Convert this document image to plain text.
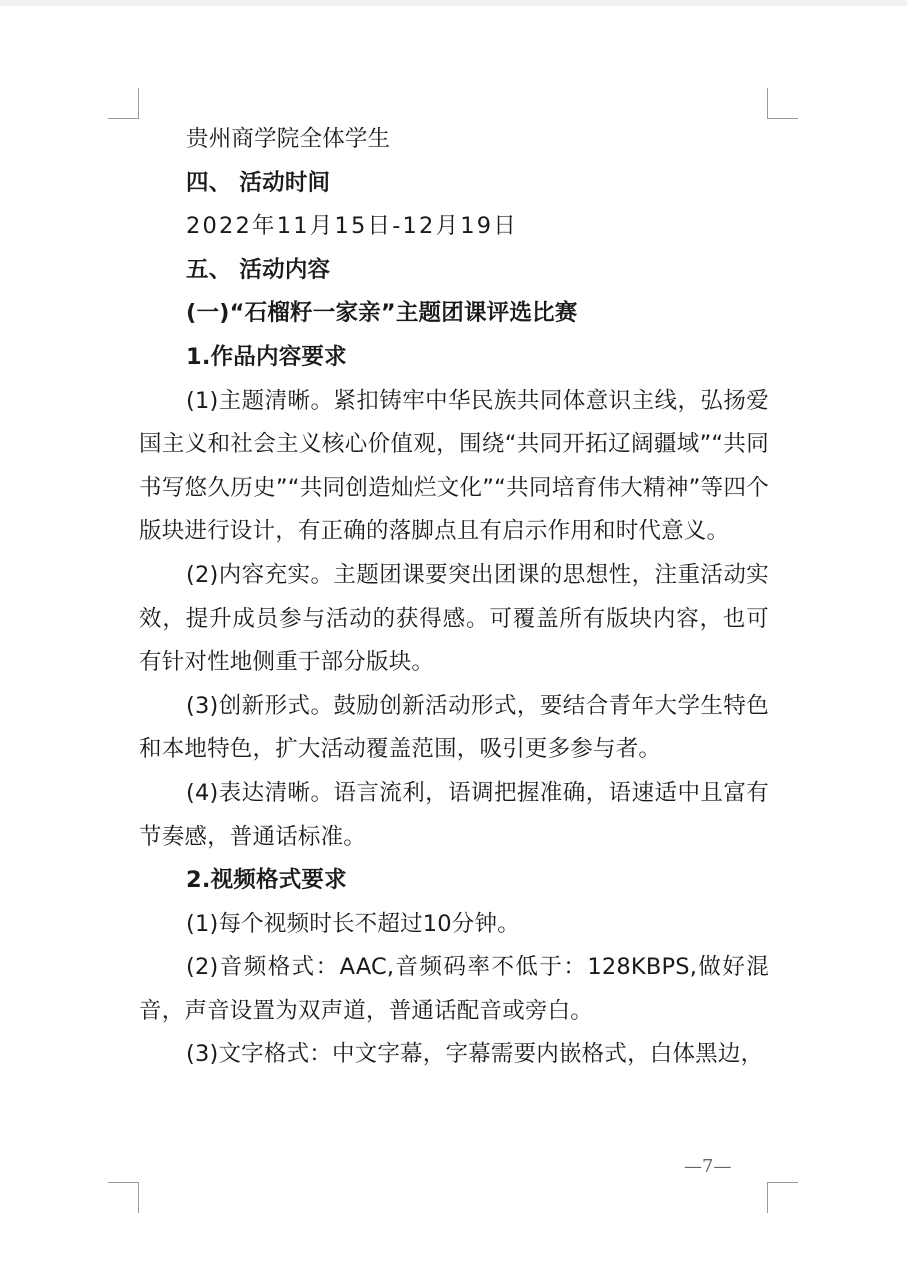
贵州商学院全体学生

四、 活动时间

2022年11月15日-12月19日

五、 活动内容

(一)“石榴籽一家亲”主题团课评选比赛

1.作品内容要求

(1)主题清晰。紧扣铸牢中华民族共同体意识主线，弘扬爱国主义和社会主义核心价值观，围绕“共同开拓辽阔疆域”“共同书写悠久历史”“共同创造灿烂文化”“共同培育伟大精神”等四个版块进行设计，有正确的落脚点且有启示作用和时代意义。

(2)内容充实。主题团课要突出团课的思想性，注重活动实效，提升成员参与活动的获得感。可覆盖所有版块内容，也可有针对性地侧重于部分版块。

(3)创新形式。鼓励创新活动形式，要结合青年大学生特色和本地特色，扩大活动覆盖范围，吸引更多参与者。

(4)表达清晰。语言流利，语调把握准确，语速适中且富有节奏感，普通话标准。

2.视频格式要求

(1)每个视频时长不超过10分钟。

(2)音频格式：AAC,音频码率不低于：128KBPS,做好混音，声音设置为双声道，普通话配音或旁白。

(3)文字格式：中文字幕，字幕需要内嵌格式，白体黑边，

—7—
